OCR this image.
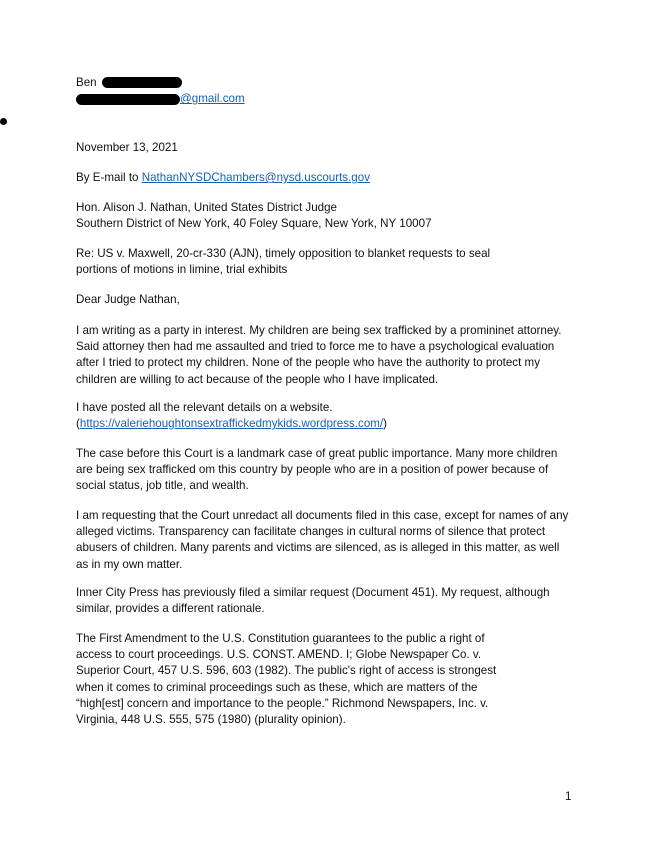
Ben
@gmail.com
November 13, 2021
By E-mail to NathanNYSDChambers@nysd.uscourts.gov
Hon. Alison J. Nathan, United States District Judge
Southern District of New York, 40 Foley Square, New York, NY 10007
Re: US v. Maxwell, 20-cr-330 (AJN), timely opposition to blanket requests to seal
portions of motions in limine, trial exhibits
Dear Judge Nathan,
I am writing as a party in interest. My children are being sex trafficked by a promininet attorney.
Said attorney then had me assaulted and tried to force me to have a psychological evaluation
after I tried to protect my children. None of the people who have the authority to protect my
children are willing to act because of the people who I have implicated.
I have posted all the relevant details on a website.
(https://valeriehoughtonsextraffickedmykids.wordpress.com/)
The case before this Court is a landmark case of great public importance. Many more children
are being sex trafficked om this country by people who are in a position of power because of
social status, job title, and wealth.
I am requesting that the Court unredact all documents filed in this case, except for names of any
alleged victims. Transparency can facilitate changes in cultural norms of silence that protect
abusers of children. Many parents and victims are silenced, as is alleged in this matter, as well
as in my own matter.
Inner City Press has previously filed a similar request (Document 451). My request, although
similar, provides a different rationale.
The First Amendment to the U.S. Constitution guarantees to the public a right of
access to court proceedings. U.S. CONST. AMEND. I; Globe Newspaper Co. v.
Superior Court, 457 U.S. 596, 603 (1982). The public's right of access is strongest
when it comes to criminal proceedings such as these, which are matters of the
“high[est] concern and importance to the people.” Richmond Newspapers, Inc. v.
Virginia, 448 U.S. 555, 575 (1980) (plurality opinion).
1
